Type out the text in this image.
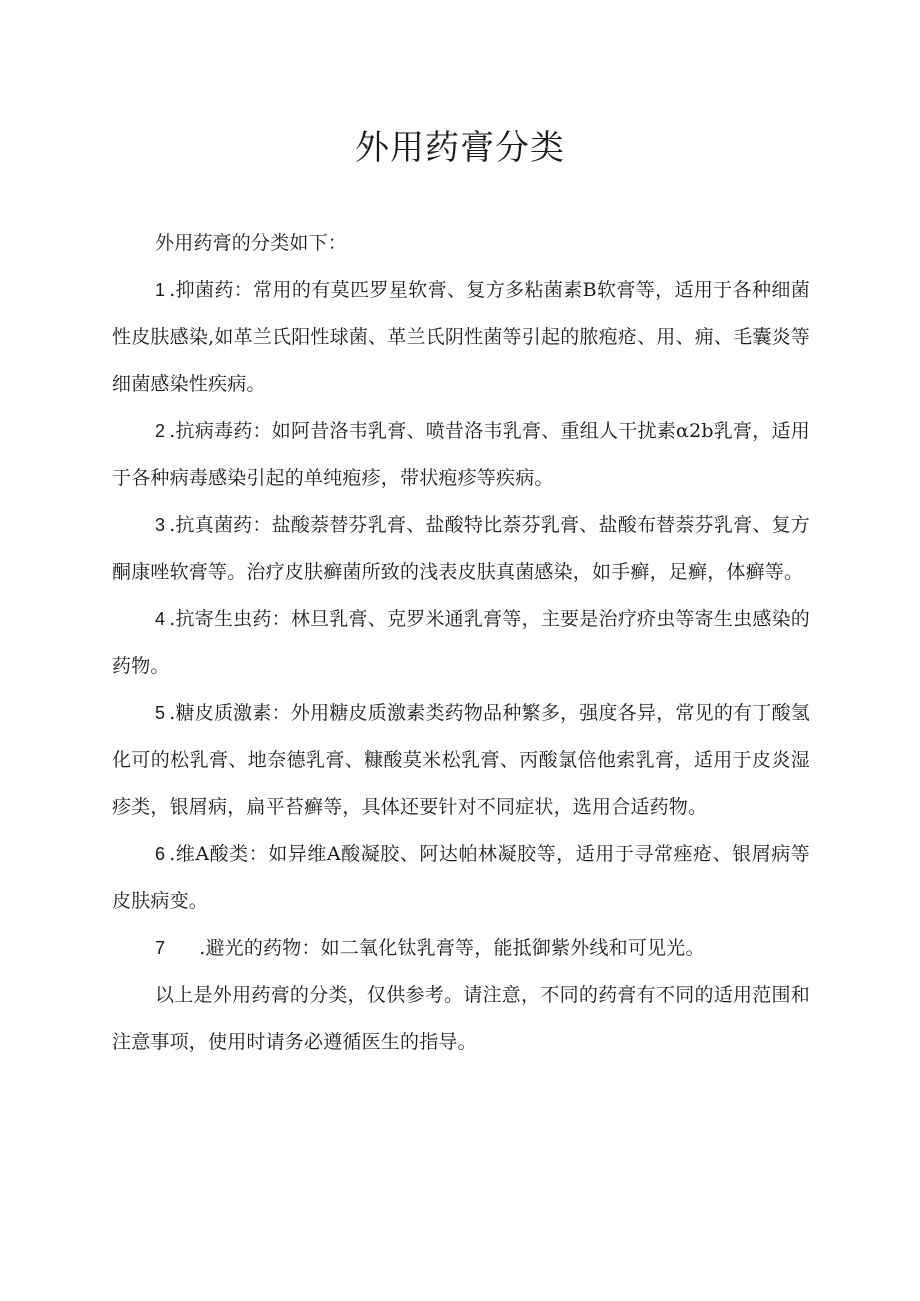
外用药膏分类

外用药膏的分类如下：

1 .抑菌药：常用的有莫匹罗星软膏、复方多粘菌素B软膏等，适用于各种细菌性皮肤感染,如革兰氏阳性球菌、革兰氏阴性菌等引起的脓疱疮、用、痈、毛囊炎等细菌感染性疾病。

2 .抗病毒药：如阿昔洛韦乳膏、喷昔洛韦乳膏、重组人干扰素α2b乳膏，适用于各种病毒感染引起的单纯疱疹，带状疱疹等疾病。

3 .抗真菌药：盐酸萘替芬乳膏、盐酸特比萘芬乳膏、盐酸布替萘芬乳膏、复方酮康唑软膏等。治疗皮肤癣菌所致的浅表皮肤真菌感染，如手癣，足癣，体癣等。

4 .抗寄生虫药：林旦乳膏、克罗米通乳膏等，主要是治疗疥虫等寄生虫感染的药物。

5 .糖皮质激素：外用糖皮质激素类药物品种繁多，强度各异，常见的有丁酸氢化可的松乳膏、地奈德乳膏、糠酸莫米松乳膏、丙酸氯倍他索乳膏，适用于皮炎湿疹类，银屑病，扁平苔癣等，具体还要针对不同症状，选用合适药物。

6 .维A酸类：如异维A酸凝胶、阿达帕林凝胶等，适用于寻常痤疮、银屑病等皮肤病变。

7 .避光的药物：如二氧化钛乳膏等，能抵御紫外线和可见光。

以上是外用药膏的分类，仅供参考。请注意，不同的药膏有不同的适用范围和注意事项，使用时请务必遵循医生的指导。
